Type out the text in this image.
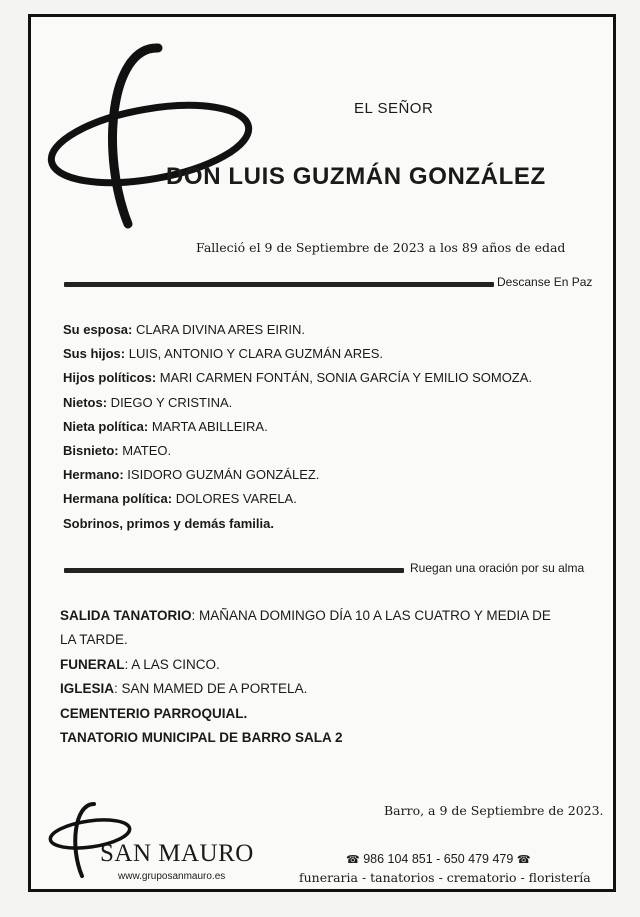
EL SEÑOR
DON LUIS GUZMÁN GONZÁLEZ
Falleció el 9 de Septiembre de 2023 a los 89 años de edad
Descanse En Paz
Su esposa: CLARA DIVINA ARES EIRIN.
Sus hijos: LUIS, ANTONIO Y CLARA GUZMÁN ARES.
Hijos políticos: MARI CARMEN FONTÁN, SONIA GARCÍA Y EMILIO SOMOZA.
Nietos: DIEGO Y CRISTINA.
Nieta política: MARTA ABILLEIRA.
Bisnieto: MATEO.
Hermano: ISIDORO GUZMÁN GONZÁLEZ.
Hermana política: DOLORES VARELA.
Sobrinos, primos y demás familia.
Ruegan una oración por su alma
SALIDA TANATORIO: MAÑANA DOMINGO DÍA 10 A LAS CUATRO Y MEDIA DE
LA TARDE.
FUNERAL: A LAS CINCO.
IGLESIA: SAN MAMED DE A PORTELA.
CEMENTERIO PARROQUIAL.
TANATORIO MUNICIPAL DE BARRO SALA 2
Barro, a 9 de Septiembre de 2023.
SAN MAURO
www.gruposanmauro.es
☎ 986 104 851 - 650 479 479 ☎
funeraria - tanatorios - crematorio - floristería
